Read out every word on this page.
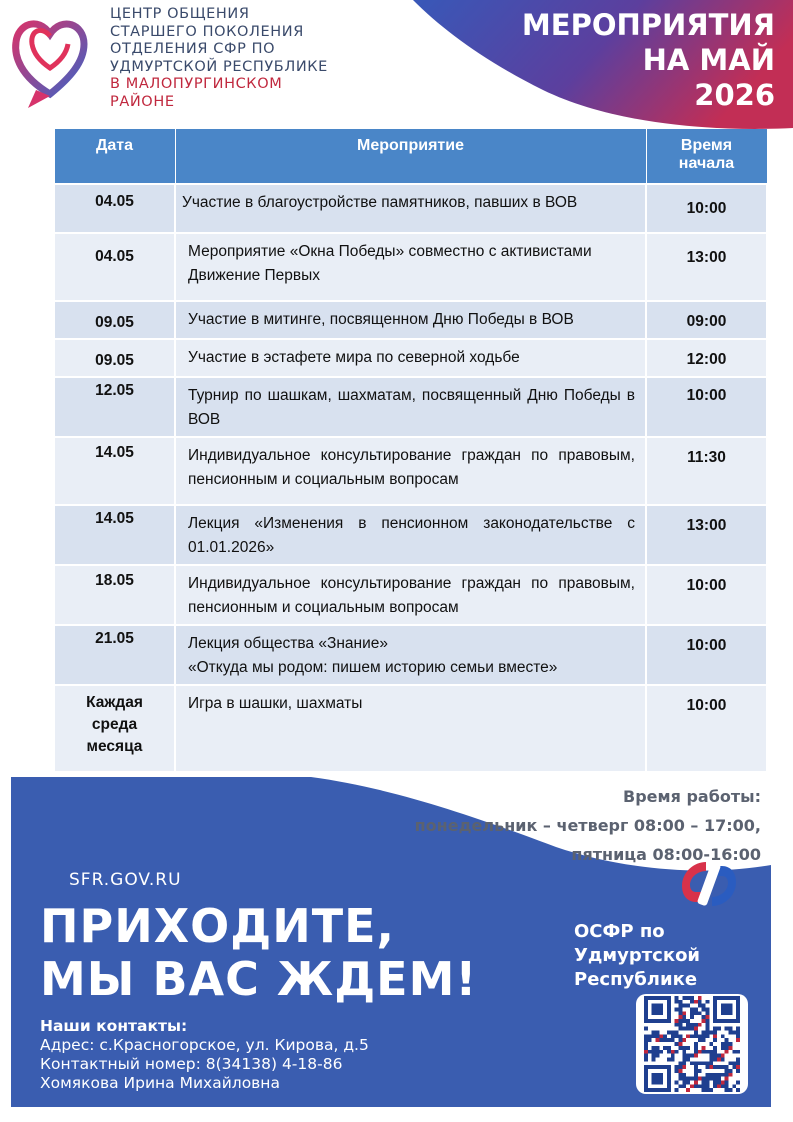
ЦЕНТР ОБЩЕНИЯ
СТАРШЕГО ПОКОЛЕНИЯ
ОТДЕЛЕНИЯ СФР ПО
УДМУРТСКОЙ РЕСПУБЛИКЕ
В МАЛОПУРГИНСКОМ
РАЙОНЕ
МЕРОПРИЯТИЯ
НА МАЙ
2026
Дата	Мероприятие	Время начала
04.05	Участие в благоустройстве памятников, павших в ВОВ	10:00
04.05	Мероприятие «Окна Победы» совместно с активистами Движение Первых	13:00
09.05	Участие в митинге, посвященном Дню Победы в ВОВ	09:00
09.05	Участие в эстафете мира по северной ходьбе	12:00
12.05	Турнир по шашкам, шахматам, посвященный Дню Победы в ВОВ	10:00
14.05	Индивидуальное консультирование граждан по правовым, пенсионным и социальным вопросам	11:30
14.05	Лекция «Изменения в пенсионном законодательстве с 01.01.2026»	13:00
18.05	Индивидуальное консультирование граждан по правовым, пенсионным и социальным вопросам	10:00
21.05	Лекция общества «Знание»
«Откуда мы родом: пишем историю семьи вместе»	10:00
Каждая среда месяца	Игра в шашки, шахматы	10:00
Время работы:
понедельник – четверг 08:00 – 17:00,
пятница 08:00-16:00
SFR.GOV.RU
ПРИХОДИТЕ,
МЫ ВАС ЖДЕМ!
Наши контакты:
Адрес: с.Красногорское, ул. Кирова, д.5
Контактный номер: 8(34138) 4-18-86
Хомякова Ирина Михайловна
ОСФР по
Удмуртской
Республике
